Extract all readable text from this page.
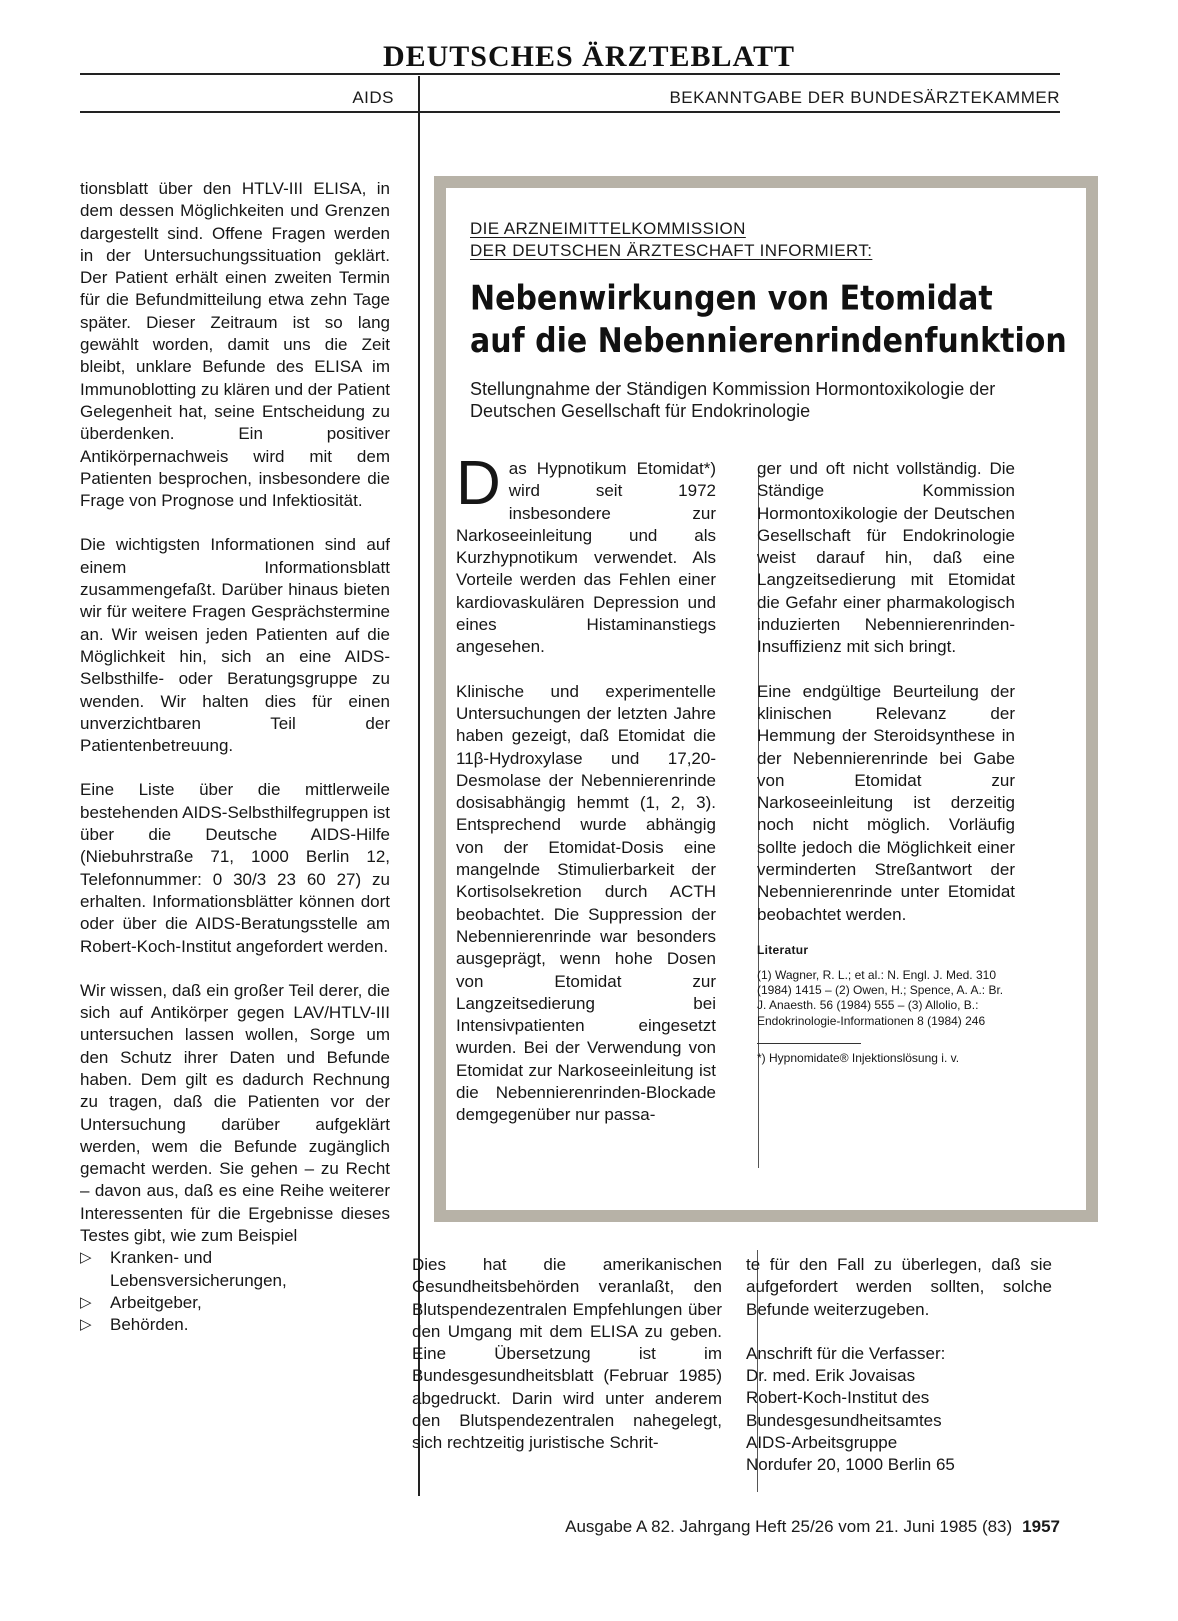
DEUTSCHES ÄRZTEBLATT
AIDS	BEKANNTGABE DER BUNDESÄRZTEKAMMER

tionsblatt über den HTLV-III ELISA, in dem dessen Möglichkeiten und Grenzen dargestellt sind. Offene Fragen werden in der Untersuchungssituation geklärt. Der Patient erhält einen zweiten Termin für die Befundmitteilung etwa zehn Tage später. Dieser Zeitraum ist so lang gewählt worden, damit uns die Zeit bleibt, unklare Befunde des ELISA im Immunoblotting zu klären und der Patient Gelegenheit hat, seine Entscheidung zu überdenken. Ein positiver Antikörpernachweis wird mit dem Patienten besprochen, insbesondere die Frage von Prognose und Infektiosität.

Die wichtigsten Informationen sind auf einem Informationsblatt zusammengefaßt. Darüber hinaus bieten wir für weitere Fragen Gesprächstermine an. Wir weisen jeden Patienten auf die Möglichkeit hin, sich an eine AIDS-Selbsthilfe- oder Beratungsgruppe zu wenden. Wir halten dies für einen unverzichtbaren Teil der Patientenbetreuung.

Eine Liste über die mittlerweile bestehenden AIDS-Selbsthilfegruppen ist über die Deutsche AIDS-Hilfe (Niebuhrstraße 71, 1000 Berlin 12, Telefonnummer: 0 30/3 23 60 27) zu erhalten. Informationsblätter können dort oder über die AIDS-Beratungsstelle am Robert-Koch-Institut angefordert werden.

Wir wissen, daß ein großer Teil derer, die sich auf Antikörper gegen LAV/HTLV-III untersuchen lassen wollen, Sorge um den Schutz ihrer Daten und Befunde haben. Dem gilt es dadurch Rechnung zu tragen, daß die Patienten vor der Untersuchung darüber aufgeklärt werden, wem die Befunde zugänglich gemacht werden. Sie gehen – zu Recht – davon aus, daß es eine Reihe weiterer Interessenten für die Ergebnisse dieses Testes gibt, wie zum Beispiel

▷ Kranken- und Lebensversicherungen,
▷ Arbeitgeber,
▷ Behörden.
DIE ARZNEIMITTELKOMMISSION
DER DEUTSCHEN ÄRZTESCHAFT INFORMIERT:
Nebenwirkungen von Etomidat
auf die Nebennierenrindenfunktion
Stellungnahme der Ständigen Kommission Hormontoxikologie der Deutschen Gesellschaft für Endokrinologie

Das Hypnotikum Etomidat*) wird seit 1972 insbesondere zur Narkoseeinleitung und als Kurzhypnotikum verwendet. Als Vorteile werden das Fehlen einer kardiovaskulären Depression und eines Histaminanstiegs angesehen.

Klinische und experimentelle Untersuchungen der letzten Jahre haben gezeigt, daß Etomidat die 11β-Hydroxylase und 17,20-Desmolase der Nebennierenrinde dosisabhängig hemmt (1, 2, 3). Entsprechend wurde abhängig von der Etomidat-Dosis eine mangelnde Stimulierbarkeit der Kortisolsekretion durch ACTH beobachtet. Die Suppression der Nebennierenrinde war besonders ausgeprägt, wenn hohe Dosen von Etomidat zur Langzeitsedierung bei Intensivpatienten eingesetzt wurden. Bei der Verwendung von Etomidat zur Narkoseeinleitung ist die Nebennierenrinden-Blockade demgegenüber nur passa-

ger und oft nicht vollständig. Die Ständige Kommission Hormontoxikologie der Deutschen Gesellschaft für Endokrinologie weist darauf hin, daß eine Langzeitsedierung mit Etomidat die Gefahr einer pharmakologisch induzierten Nebennierenrinden-Insuffizienz mit sich bringt.

Eine endgültige Beurteilung der klinischen Relevanz der Hemmung der Steroidsynthese in der Nebennierenrinde bei Gabe von Etomidat zur Narkoseeinleitung ist derzeitig noch nicht möglich. Vorläufig sollte jedoch die Möglichkeit einer verminderten Streßantwort der Nebennierenrinde unter Etomidat beobachtet werden.

Literatur
(1) Wagner, R. L.; et al.: N. Engl. J. Med. 310 (1984) 1415 – (2) Owen, H.; Spence, A. A.: Br. J. Anaesth. 56 (1984) 555 – (3) Allolio, B.: Endokrinologie-Informationen 8 (1984) 246
*) Hypnomidate® Injektionslösung i. v.

Dies hat die amerikanischen Gesundheitsbehörden veranlaßt, den Blutspendezentralen Empfehlungen über den Umgang mit dem ELISA zu geben. Eine Übersetzung ist im Bundesgesundheitsblatt (Februar 1985) abgedruckt. Darin wird unter anderem den Blutspendezentralen nahegelegt, sich rechtzeitig juristische Schrit-

te für den Fall zu überlegen, daß sie aufgefordert werden sollten, solche Befunde weiterzugeben.

Anschrift für die Verfasser:
Dr. med. Erik Jovaisas
Robert-Koch-Institut des
Bundesgesundheitsamtes
AIDS-Arbeitsgruppe
Nordufer 20, 1000 Berlin 65
Ausgabe A 82. Jahrgang Heft 25/26 vom 21. Juni 1985 (83) 1957
